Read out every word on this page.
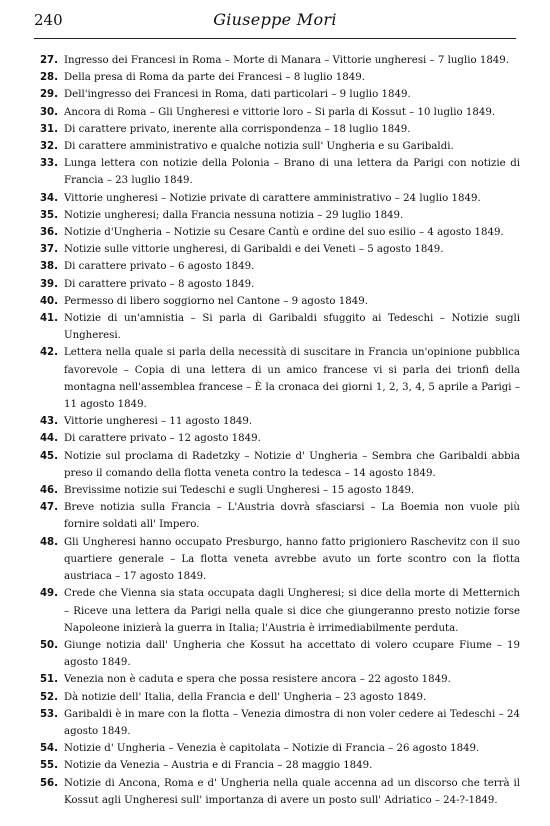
240	Giuseppe Mori
27. Ingresso dei Francesi in Roma – Morte di Manara – Vittorie ungheresi – 7 luglio 1849.
28. Della presa di Roma da parte dei Francesi – 8 luglio 1849.
29. Dell'ingresso dei Francesi in Roma, dati particolari – 9 luglio 1849.
30. Ancora di Roma – Gli Ungheresi e vittorie loro – Si parla di Kossut – 10 luglio 1849.
31. Di carattere privato, inerente alla corrispondenza – 18 luglio 1849.
32. Di carattere amministrativo e qualche notizia sull' Ungheria e su Garibaldi.
33. Lunga lettera con notizie della Polonia – Brano di una lettera da Parigi con notizie di Francia – 23 luglio 1849.
34. Vittorie ungheresi – Notizie private di carattere amministrativo – 24 luglio 1849.
35. Notizie ungheresi; dalla Francia nessuna notizia – 29 luglio 1849.
36. Notizie d'Ungheria – Notizie su Cesare Cantù e ordine del suo esilio – 4 agosto 1849.
37. Notizie sulle vittorie ungheresi, di Garibaldi e dei Veneti – 5 agosto 1849.
38. Di carattere privato – 6 agosto 1849.
39. Di carattere privato – 8 agosto 1849.
40. Permesso di libero soggiorno nel Cantone – 9 agosto 1849.
41. Notizie di un'amnistia – Si parla di Garibaldi sfuggito ai Tedeschi – Notizie sugli Ungheresi.
42. Lettera nella quale si parla della necessità di suscitare in Francia un'opinione pubblica favorevole – Copia di una lettera di un amico francese vi si parla dei trionfi della montagna nell'assemblea francese – È la cronaca dei giorni 1, 2, 3, 4, 5 aprile a Parigi – 11 agosto 1849.
43. Vittorie ungheresi – 11 agosto 1849.
44. Di carattere privato – 12 agosto 1849.
45. Notizie sul proclama di Radetzky – Notizie d' Ungheria – Sembra che Garibaldi abbia preso il comando della flotta veneta contro la tedesca – 14 agosto 1849.
46. Brevissime notizie sui Tedeschi e sugli Ungheresi – 15 agosto 1849.
47. Breve notizia sulla Francia – L'Austria dovrà sfasciarsi – La Boemia non vuole più fornire soldati all' Impero.
48. Gli Ungheresi hanno occupato Presburgo, hanno fatto prigioniero Raschevitz con il suo quartiere generale – La flotta veneta avrebbe avuto un forte scontro con la flotta austriaca – 17 agosto 1849.
49. Crede che Vienna sia stata occupata dagli Ungheresi; si dice della morte di Metternich – Riceve una lettera da Parigi nella quale si dice che giungeranno presto notizie forse Napoleone inizierà la guerra in Italia; l'Austria è irrimediabilmente perduta.
50. Giunge notizia dall' Ungheria che Kossut ha accettato di volero ccupare Fiume – 19 agosto 1849.
51. Venezia non è caduta e spera che possa resistere ancora – 22 agosto 1849.
52. Dà notizie dell' Italia, della Francia e dell' Ungheria – 23 agosto 1849.
53. Garibaldi è in mare con la flotta – Venezia dimostra di non voler cedere ai Tedeschi – 24 agosto 1849.
54. Notizie d' Ungheria – Venezia è capitolata – Notizie di Francia – 26 agosto 1849.
55. Notizie da Venezia – Austria e di Francia – 28 maggio 1849.
56. Notizie di Ancona, Roma e d' Ungheria nella quale accenna ad un discorso che terrà il Kossut agli Ungheresi sull' importanza di avere un posto sull' Adriatico – 24-?-1849.
